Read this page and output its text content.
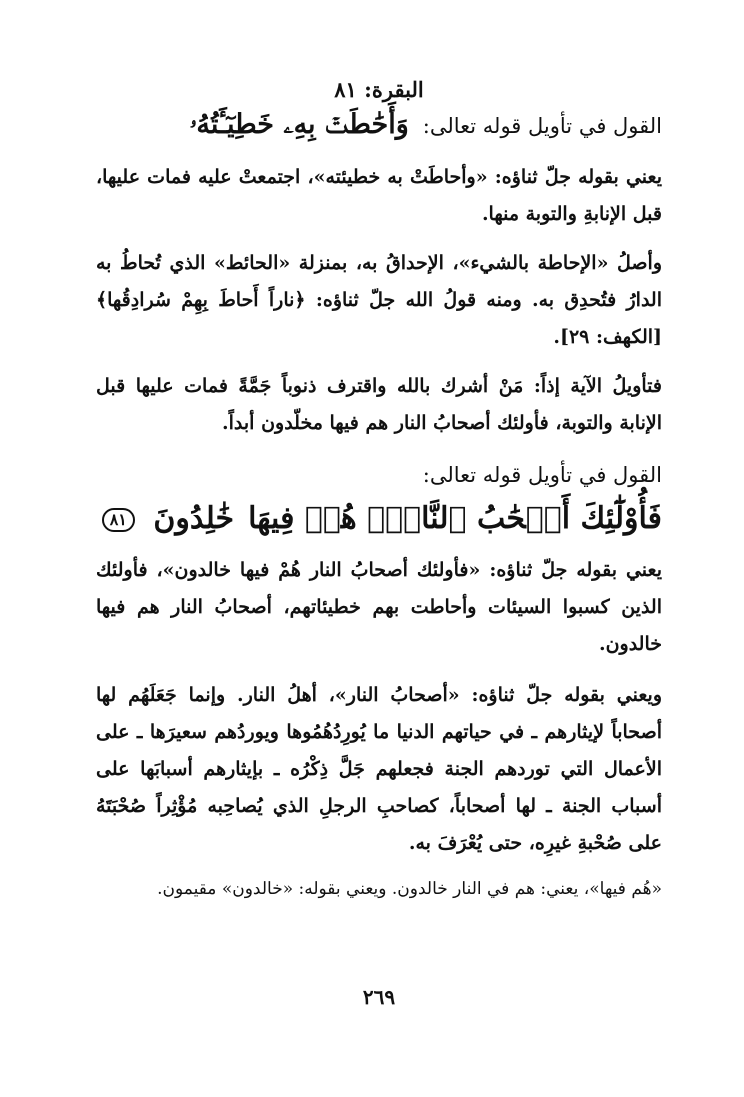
البقرة: ٨١
القول في تأويل قوله تعالى:
وَأَحَٰطَتۡ بِهِۦ خَطِيٓـَٔتُهُۥ

يعني بقوله جلّ ثناؤه: «وأحاطَتْ به خطيئته»، اجتمعتْ عليه فمات عليها، قبل الإنابةِ والتوبة منها.

وأصلُ «الإحاطة بالشيء»، الإحداقُ به، بمنزلة «الحائط» الذي تُحاطُ به الدارُ فتُحدِق به. ومنه قولُ الله جلّ ثناؤه: ﴿ناراً أَحاطَ بِهِمْ سُرادِقُها﴾ [الكهف: ٢٩].

فتأويلُ الآية إذاً: مَنْ أشرك بالله واقترف ذنوباً جَمَّةً فمات عليها قبل الإنابة والتوبة، فأولئك أصحابُ النار هم فيها مخلّدون أبداً.

القول في تأويل قوله تعالى:
فَأُوْلَٰٓئِكَ أَصۡحَٰبُ ٱلنَّارِۖ هُمۡ فِيهَا
خَٰلِدُونَ ٨١

يعني بقوله جلّ ثناؤه: «فأولئك أصحابُ النار هُمْ فيها خالدون»، فأولئك الذين كسبوا السيئات وأحاطت بهم خطيئاتهم، أصحابُ النار هم فيها خالدون.

ويعني بقوله جلّ ثناؤه: «أصحابُ النار»، أهلُ النار. وإنما جَعَلَهُم لها أصحاباً لإيثارهم ـ في حياتهم الدنيا ما يُورِدُهُمُوها ويوردُهم سعيرَها ـ على الأعمال التي توردهم الجنة فجعلهم جَلَّ ذِكْرُه ـ بإيثارهم أسبابَها على أسباب الجنة ـ لها أصحاباً، كصاحبِ الرجلِ الذي يُصاحِبه مُؤْثِراً صُحْبَتَهُ على صُحْبةِ غيرِه، حتى يُعْرَفَ به.

«هُم فيها»، يعني: هم في النار خالدون. ويعني بقوله: «خالدون» مقيمون.

٢٦٩
